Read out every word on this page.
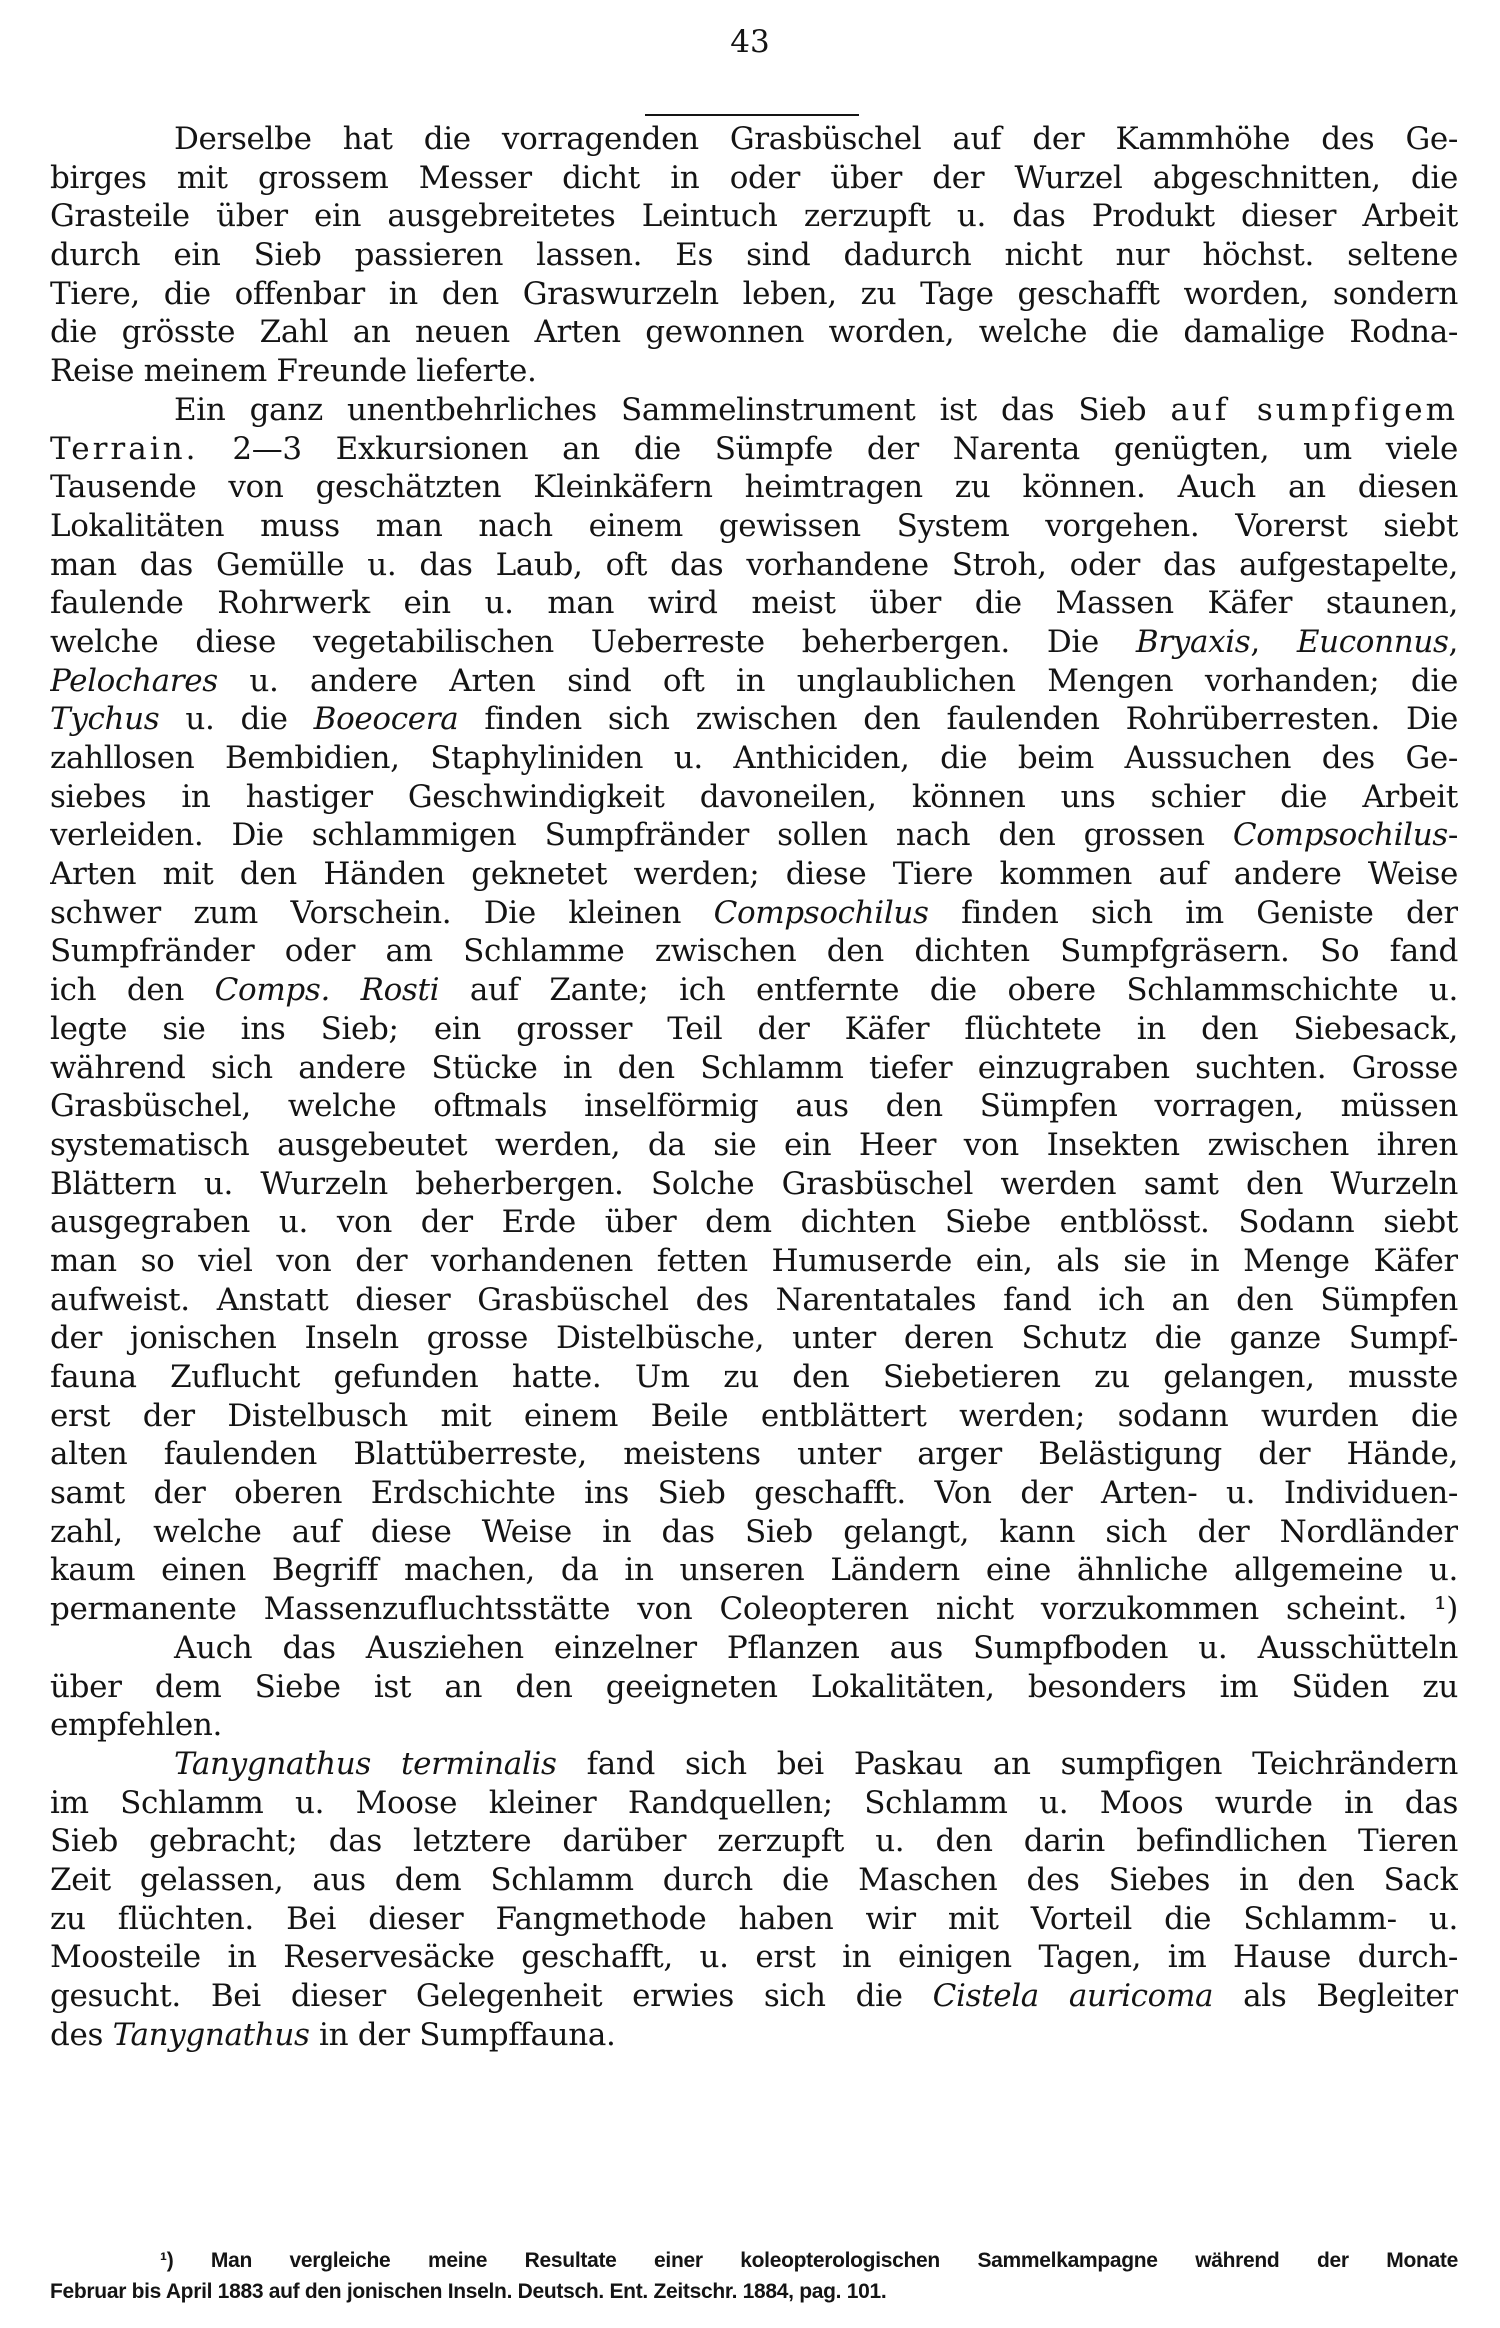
43
Derselbe hat die vorragenden Grasbüschel auf der Kammhöhe des Ge-
birges mit grossem Messer dicht in oder über der Wurzel abgeschnitten, die
Grasteile über ein ausgebreitetes Leintuch zerzupft u. das Produkt dieser Arbeit
durch ein Sieb passieren lassen. Es sind dadurch nicht nur höchst. seltene
Tiere, die offenbar in den Graswurzeln leben, zu Tage geschafft worden, sondern
die grösste Zahl an neuen Arten gewonnen worden, welche die damalige Rodna-
Reise meinem Freunde lieferte.
Ein ganz unentbehrliches Sammelinstrument ist das Sieb auf sumpfigem
Terrain. 2—3 Exkursionen an die Sümpfe der Narenta genügten, um viele
Tausende von geschätzten Kleinkäfern heimtragen zu können. Auch an diesen
Lokalitäten muss man nach einem gewissen System vorgehen. Vorerst siebt
man das Gemülle u. das Laub, oft das vorhandene Stroh, oder das aufgestapelte,
faulende Rohrwerk ein u. man wird meist über die Massen Käfer staunen,
welche diese vegetabilischen Ueberreste beherbergen. Die Bryaxis, Euconnus,
Pelochares u. andere Arten sind oft in unglaublichen Mengen vorhanden; die
Tychus u. die Boeocera finden sich zwischen den faulenden Rohrüberresten. Die
zahllosen Bembidien, Staphyliniden u. Anthiciden, die beim Aussuchen des Ge-
siebes in hastiger Geschwindigkeit davoneilen, können uns schier die Arbeit
verleiden. Die schlammigen Sumpfränder sollen nach den grossen Compsochilus-
Arten mit den Händen geknetet werden; diese Tiere kommen auf andere Weise
schwer zum Vorschein. Die kleinen Compsochilus finden sich im Geniste der
Sumpfränder oder am Schlamme zwischen den dichten Sumpfgräsern. So fand
ich den Comps. Rosti auf Zante; ich entfernte die obere Schlammschichte u.
legte sie ins Sieb; ein grosser Teil der Käfer flüchtete in den Siebesack,
während sich andere Stücke in den Schlamm tiefer einzugraben suchten. Grosse
Grasbüschel, welche oftmals inselförmig aus den Sümpfen vorragen, müssen
systematisch ausgebeutet werden, da sie ein Heer von Insekten zwischen ihren
Blättern u. Wurzeln beherbergen. Solche Grasbüschel werden samt den Wurzeln
ausgegraben u. von der Erde über dem dichten Siebe entblösst. Sodann siebt
man so viel von der vorhandenen fetten Humuserde ein, als sie in Menge Käfer
aufweist. Anstatt dieser Grasbüschel des Narentatales fand ich an den Sümpfen
der jonischen Inseln grosse Distelbüsche, unter deren Schutz die ganze Sumpf-
fauna Zuflucht gefunden hatte. Um zu den Siebetieren zu gelangen, musste
erst der Distelbusch mit einem Beile entblättert werden; sodann wurden die
alten faulenden Blattüberreste, meistens unter arger Belästigung der Hände,
samt der oberen Erdschichte ins Sieb geschafft. Von der Arten- u. Individuen-
zahl, welche auf diese Weise in das Sieb gelangt, kann sich der Nordländer
kaum einen Begriff machen, da in unseren Ländern eine ähnliche allgemeine u.
permanente Massenzufluchtsstätte von Coleopteren nicht vorzukommen scheint. ¹)
Auch das Ausziehen einzelner Pflanzen aus Sumpfboden u. Ausschütteln
über dem Siebe ist an den geeigneten Lokalitäten, besonders im Süden zu
empfehlen.
Tanygnathus terminalis fand sich bei Paskau an sumpfigen Teichrändern
im Schlamm u. Moose kleiner Randquellen; Schlamm u. Moos wurde in das
Sieb gebracht; das letztere darüber zerzupft u. den darin befindlichen Tieren
Zeit gelassen, aus dem Schlamm durch die Maschen des Siebes in den Sack
zu flüchten. Bei dieser Fangmethode haben wir mit Vorteil die Schlamm- u.
Moosteile in Reservesäcke geschafft, u. erst in einigen Tagen, im Hause durch-
gesucht. Bei dieser Gelegenheit erwies sich die Cistela auricoma als Begleiter
des Tanygnathus in der Sumpffauna.
¹) Man vergleiche meine Resultate einer koleopterologischen Sammelkampagne während der Monate
Februar bis April 1883 auf den jonischen Inseln. Deutsch. Ent. Zeitschr. 1884, pag. 101.
